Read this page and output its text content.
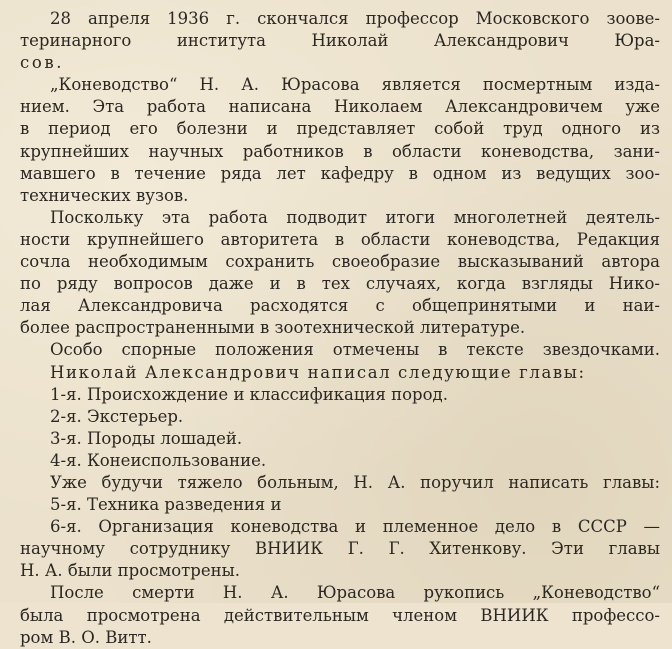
28 апреля 1936 г. скончался профессор Московского зоове-
теринарного института Николай Александрович Юра-
сов.
„Коневодство“ Н. А. Юрасова является посмертным изда-
нием. Эта работа написана Николаем Александровичем уже
в период его болезни и представляет собой труд одного из
крупнейших научных работников в области коневодства, зани-
мавшего в течение ряда лет кафедру в одном из ведущих зоо-
технических вузов.
Поскольку эта работа подводит итоги многолетней деятель-
ности крупнейшего авторитета в области коневодства, Редакция
сочла необходимым сохранить своеобразие высказываний автора
по ряду вопросов даже и в тех случаях, когда взгляды Нико-
лая Александровича расходятся с общепринятыми и наи-
более распространенными в зоотехнической литературе.
Особо спорные положения отмечены в тексте звездочками.
Николай Александрович написал следующие главы:
1-я. Происхождение и классификация пород.
2-я. Экстерьер.
3-я. Породы лошадей.
4-я. Конеиспользование.
Уже будучи тяжело больным, Н. А. поручил написать главы:
5-я. Техника разведения и
6-я. Организация коневодства и племенное дело в СССР —
научному сотруднику ВНИИК Г. Г. Хитенкову. Эти главы
Н. А. были просмотрены.
После смерти Н. А. Юрасова рукопись „Коневодство“
была просмотрена действительным членом ВНИИК профессо-
ром В. О. Витт.
